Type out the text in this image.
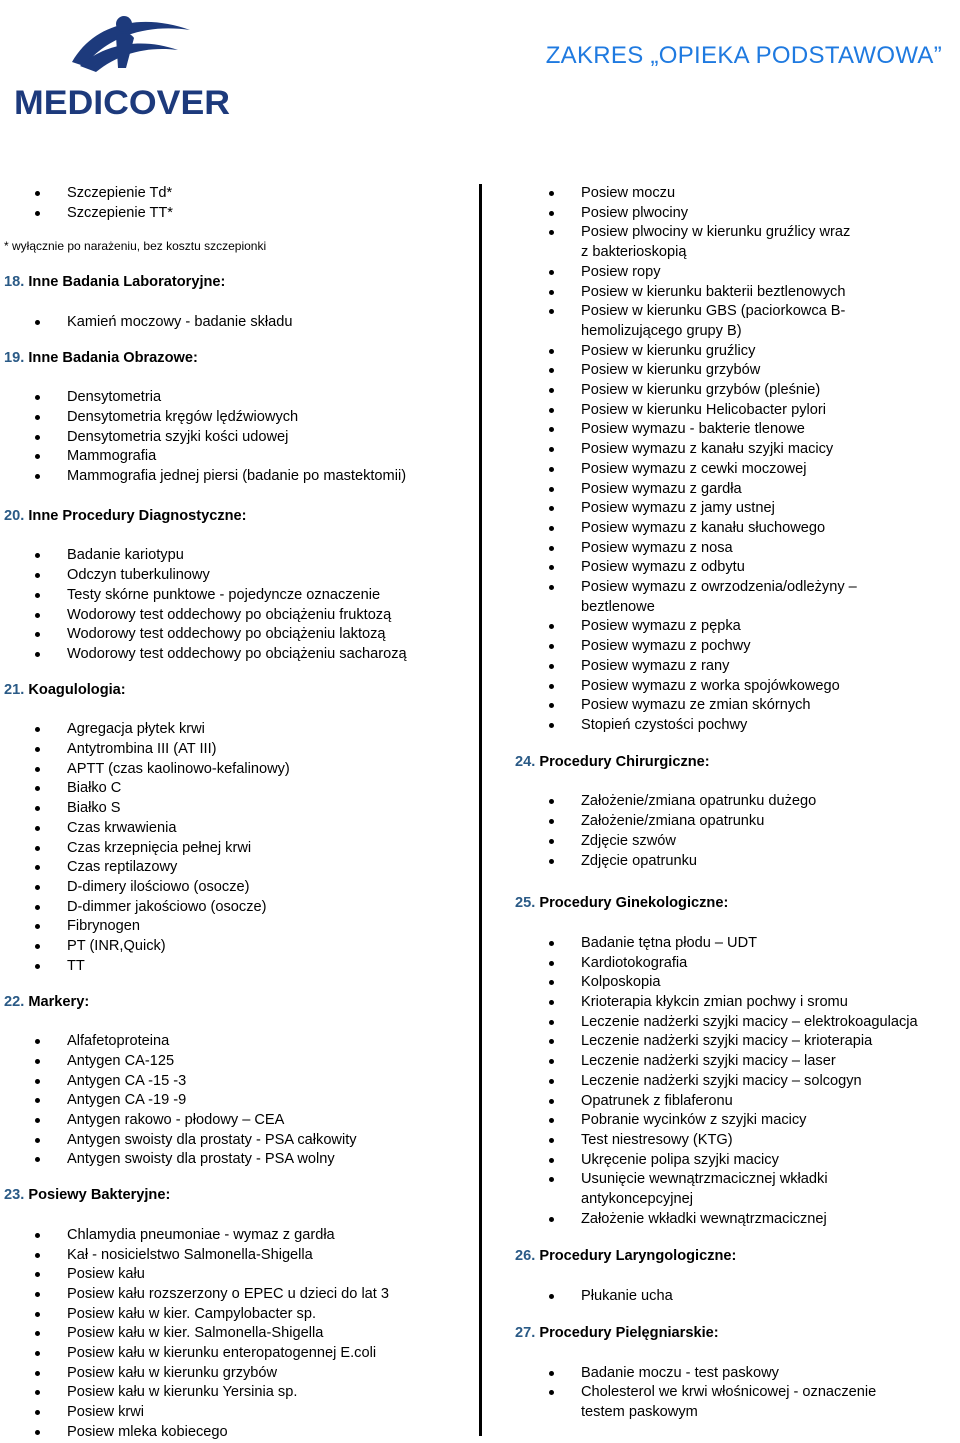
MEDICOVER
ZAKRES „OPIEKA PODSTAWOWA”
Szczepienie Td*
Szczepienie TT*
* wyłącznie po narażeniu, bez kosztu szczepionki
18. Inne Badania Laboratoryjne:
Kamień moczowy - badanie składu
19. Inne Badania Obrazowe:
Densytometria
Densytometria kręgów lędźwiowych
Densytometria szyjki kości udowej
Mammografia
Mammografia jednej piersi (badanie po mastektomii)
20. Inne Procedury Diagnostyczne:
Badanie kariotypu
Odczyn tuberkulinowy
Testy skórne punktowe - pojedyncze oznaczenie
Wodorowy test oddechowy po obciążeniu fruktozą
Wodorowy test oddechowy po obciążeniu laktozą
Wodorowy test oddechowy po obciążeniu sacharozą
21. Koagulologia:
Agregacja płytek krwi
Antytrombina III (AT III)
APTT (czas kaolinowo-kefalinowy)
Białko C
Białko S
Czas krwawienia
Czas krzepnięcia pełnej krwi
Czas reptilazowy
D-dimery ilościowo (osocze)
D-dimmer jakościowo (osocze)
Fibrynogen
PT (INR,Quick)
TT
22. Markery:
Alfafetoproteina
Antygen CA-125
Antygen CA -15 -3
Antygen CA -19 -9
Antygen rakowo - płodowy – CEA
Antygen swoisty dla prostaty - PSA całkowity
Antygen swoisty dla prostaty - PSA wolny
23. Posiewy Bakteryjne:
Chlamydia pneumoniae - wymaz z gardła
Kał - nosicielstwo Salmonella-Shigella
Posiew kału
Posiew kału rozszerzony o EPEC u dzieci do lat 3
Posiew kału w kier. Campylobacter sp.
Posiew kału w kier. Salmonella-Shigella
Posiew kału w kierunku enteropatogennej E.coli
Posiew kału w kierunku grzybów
Posiew kału w kierunku Yersinia sp.
Posiew krwi
Posiew mleka kobiecego
Posiew moczu
Posiew plwociny
Posiew plwociny w kierunku gruźlicy wraz
z bakterioskopią
Posiew ropy
Posiew w kierunku bakterii beztlenowych
Posiew w kierunku GBS (paciorkowca B-
hemolizującego grupy B)
Posiew w kierunku gruźlicy
Posiew w kierunku grzybów
Posiew w kierunku grzybów (pleśnie)
Posiew w kierunku Helicobacter pylori
Posiew wymazu - bakterie tlenowe
Posiew wymazu z kanału szyjki macicy
Posiew wymazu z cewki moczowej
Posiew wymazu z gardła
Posiew wymazu z jamy ustnej
Posiew wymazu z kanału słuchowego
Posiew wymazu z nosa
Posiew wymazu z odbytu
Posiew wymazu z owrzodzenia/odleżyny –
beztlenowe
Posiew wymazu z pępka
Posiew wymazu z pochwy
Posiew wymazu z rany
Posiew wymazu z worka spojówkowego
Posiew wymazu ze zmian skórnych
Stopień czystości pochwy
24. Procedury Chirurgiczne:
Założenie/zmiana opatrunku dużego
Założenie/zmiana opatrunku
Zdjęcie szwów
Zdjęcie opatrunku
25. Procedury Ginekologiczne:
Badanie tętna płodu – UDT
Kardiotokografia
Kolposkopia
Krioterapia kłykcin zmian pochwy i sromu
Leczenie nadżerki szyjki macicy – elektrokoagulacja
Leczenie nadżerki szyjki macicy – krioterapia
Leczenie nadżerki szyjki macicy – laser
Leczenie nadżerki szyjki macicy – solcogyn
Opatrunek z fiblaferonu
Pobranie wycinków z szyjki macicy
Test niestresowy (KTG)
Ukręcenie polipa szyjki macicy
Usunięcie wewnątrzmacicznej wkładki
antykoncepcyjnej
Założenie wkładki wewnątrzmacicznej
26. Procedury Laryngologiczne:
Płukanie ucha
27. Procedury Pielęgniarskie:
Badanie moczu - test paskowy
Cholesterol we krwi włośnicowej - oznaczenie
testem paskowym
